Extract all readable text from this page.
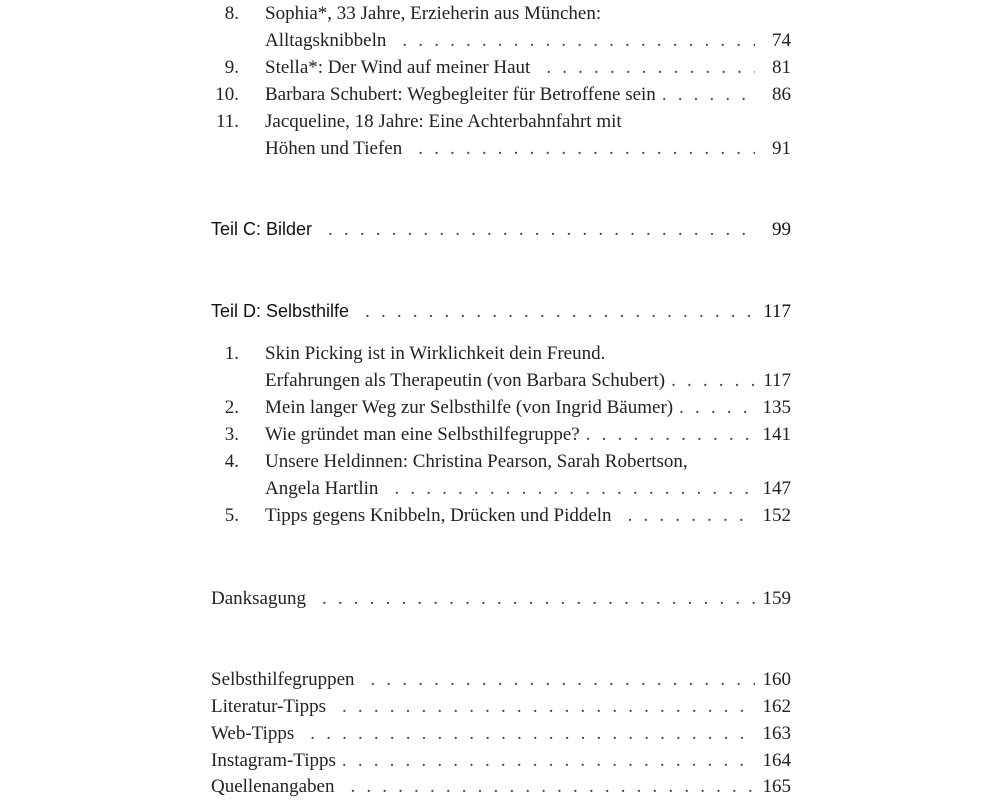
8.	Sophia*, 33 Jahre, Erzieherin aus München:
Alltagsknibbeln . . .	74
9.	Stella*: Der Wind auf meiner Haut . . .	81
10.	Barbara Schubert: Wegbegleiter für Betroffene sein . . .	86
11.	Jacqueline, 18 Jahre: Eine Achterbahnfahrt mit
Höhen und Tiefen . . .	91
Teil C: Bilder . . .	99
Teil D: Selbsthilfe . . .	117
1.	Skin Picking ist in Wirklichkeit dein Freund.
Erfahrungen als Therapeutin (von Barbara Schubert) . . .	117
2.	Mein langer Weg zur Selbsthilfe (von Ingrid Bäumer) . . .	135
3.	Wie gründet man eine Selbsthilfegruppe? . . .	141
4.	Unsere Heldinnen: Christina Pearson, Sarah Robertson,
Angela Hartlin . . .	147
5.	Tipps gegens Knibbeln, Drücken und Piddeln . . .	152
Danksagung . . .	159
Selbsthilfegruppen . . .	160
Literatur-Tipps . . .	162
Web-Tipps . . .	163
Instagram-Tipps . . .	164
Quellenangaben . . .	165
